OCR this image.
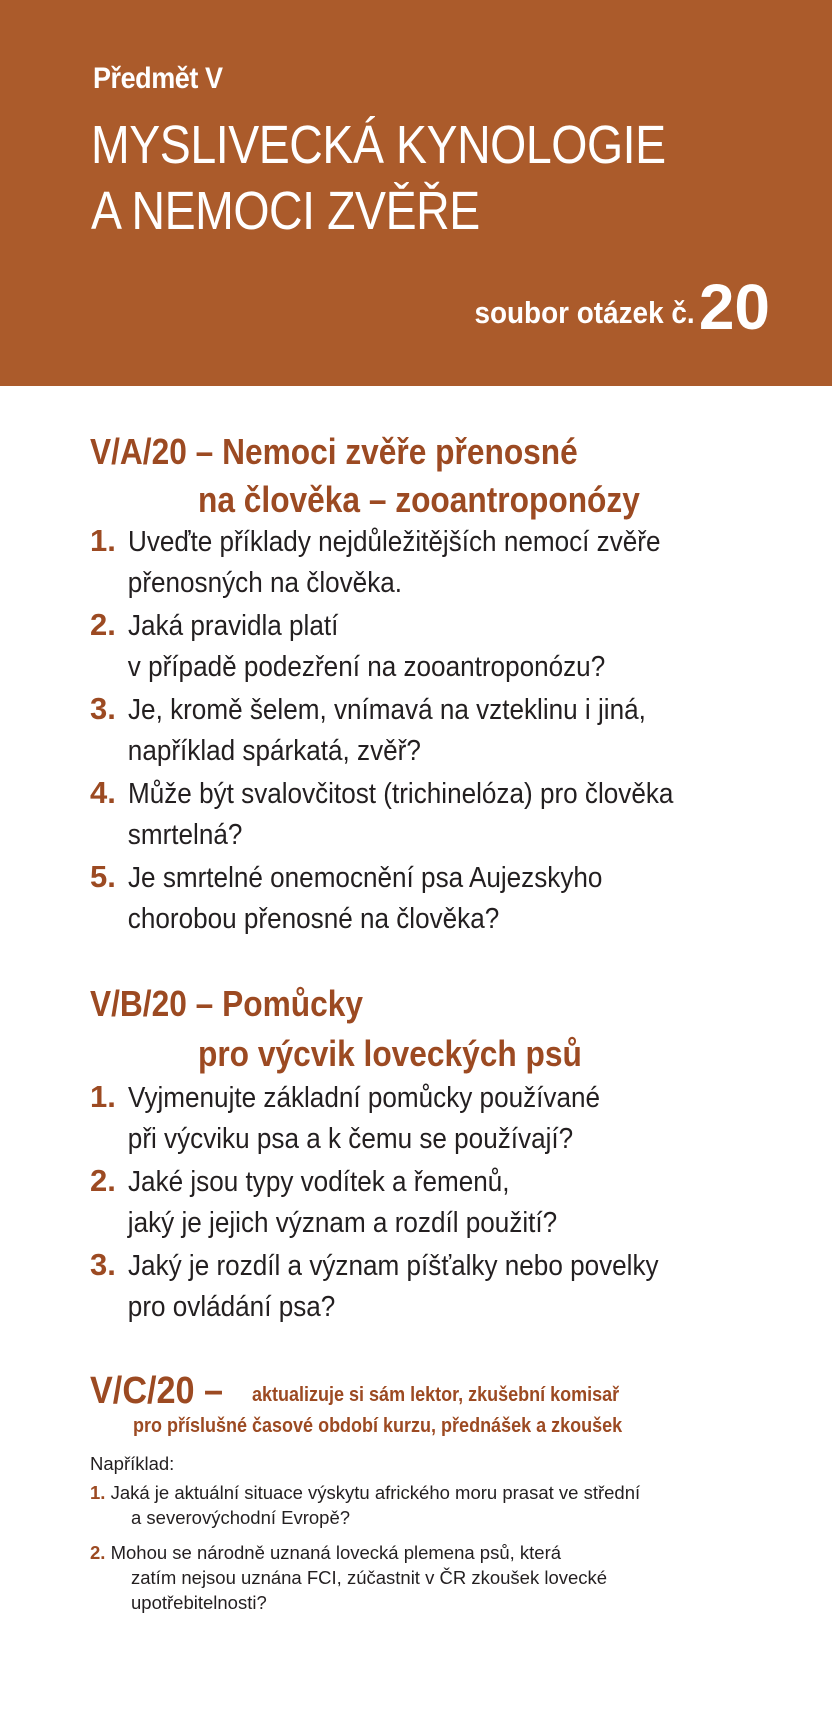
Předmět V
MYSLIVECKÁ KYNOLOGIE
A NEMOCI ZVĚŘE
soubor otázek č.20
V/A/20 – Nemoci zvěře přenosné
na člověka – zooantroponózy
1. Uveďte příklady nejdůležitějších nemocí zvěře
přenosných na člověka.
2. Jaká pravidla platí
v případě podezření na zooantroponózu?
3. Je, kromě šelem, vnímavá na vzteklinu i jiná,
například spárkatá, zvěř?
4. Může být svalovčitost (trichinelóza) pro člověka
smrtelná?
5. Je smrtelné onemocnění psa Aujezskyho
chorobou přenosné na člověka?
V/B/20 – Pomůcky
pro výcvik loveckých psů
1. Vyjmenujte základní pomůcky používané
při výcviku psa a k čemu se používají?
2. Jaké jsou typy vodítek a řemenů,
jaký je jejich význam a rozdíl použití?
3. Jaký je rozdíl a význam píšťalky nebo povelky
pro ovládání psa?
V/C/20 – aktualizuje si sám lektor, zkušební komisař
pro příslušné časové období kurzu, přednášek a zkoušek
Například:
1. Jaká je aktuální situace výskytu afrického moru prasat ve střední
a severovýchodní Evropě?
2. Mohou se národně uznaná lovecká plemena psů, která
zatím nejsou uznána FCI, zúčastnit v ČR zkoušek lovecké
upotřebitelnosti?
